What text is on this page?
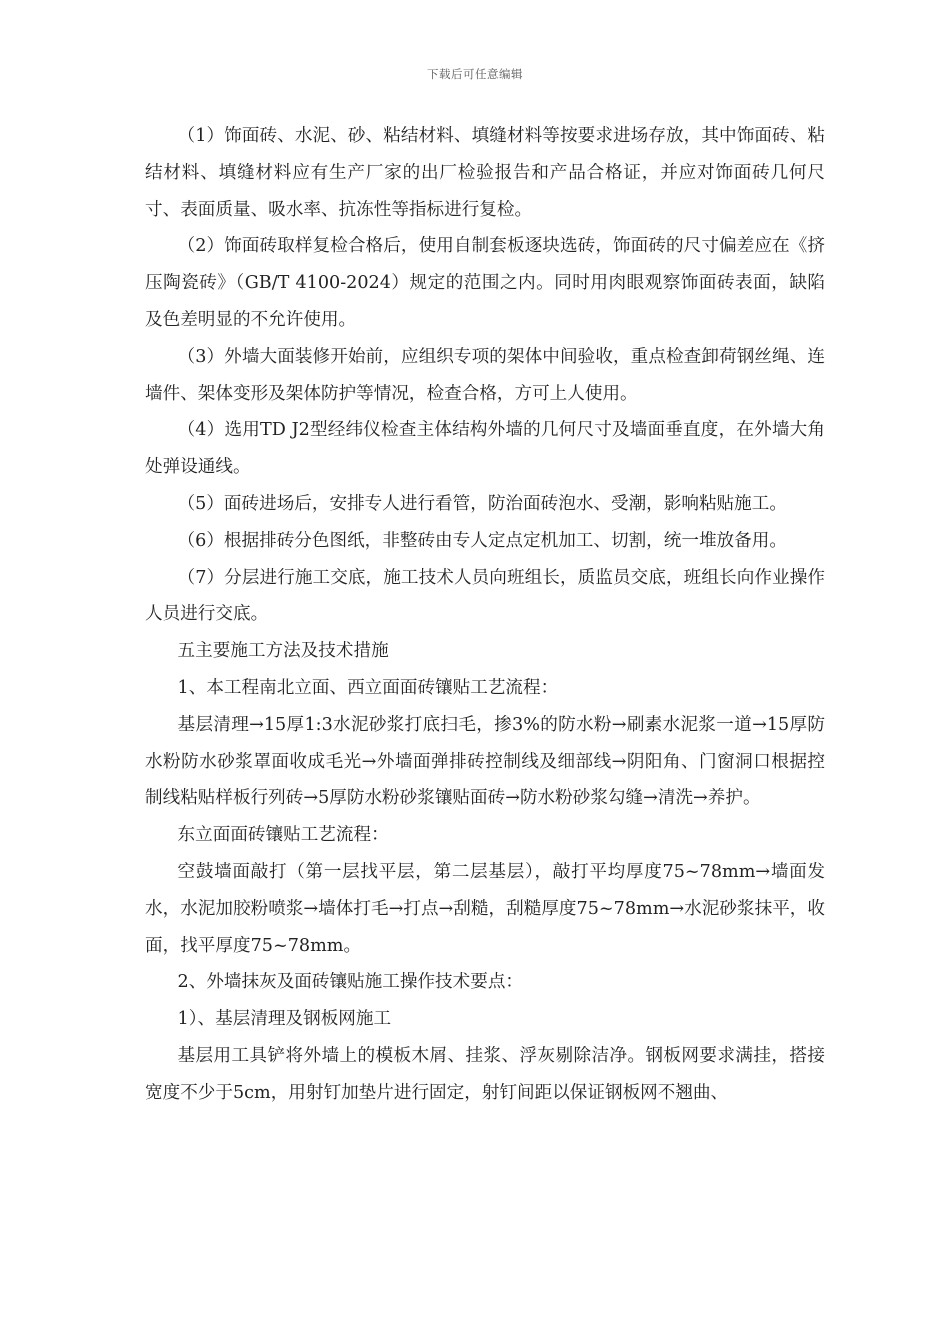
下载后可任意编辑

（1）饰面砖、水泥、砂、粘结材料、填缝材料等按要求进场存放，其中饰面砖、粘结材料、填缝材料应有生产厂家的出厂检验报告和产品合格证，并应对饰面砖几何尺寸、表面质量、吸水率、抗冻性等指标进行复检。

（2）饰面砖取样复检合格后，使用自制套板逐块选砖，饰面砖的尺寸偏差应在《挤压陶瓷砖》（GB/T 4100-2024）规定的范围之内。同时用肉眼观察饰面砖表面，缺陷及色差明显的不允许使用。

（3）外墙大面装修开始前，应组织专项的架体中间验收，重点检查卸荷钢丝绳、连墙件、架体变形及架体防护等情况，检查合格，方可上人使用。

（4）选用TD J2型经纬仪检查主体结构外墙的几何尺寸及墙面垂直度，在外墙大角处弹设通线。

（5）面砖进场后，安排专人进行看管，防治面砖泡水、受潮，影响粘贴施工。

（6）根据排砖分色图纸，非整砖由专人定点定机加工、切割，统一堆放备用。

（7）分层进行施工交底，施工技术人员向班组长，质监员交底，班组长向作业操作人员进行交底。

五主要施工方法及技术措施

1、本工程南北立面、西立面面砖镶贴工艺流程：

基层清理→15厚1:3水泥砂浆打底扫毛，掺3%的防水粉→刷素水泥浆一道→15厚防水粉防水砂浆罩面收成毛光→外墙面弹排砖控制线及细部线→阴阳角、门窗洞口根据控制线粘贴样板行列砖→5厚防水粉砂浆镶贴面砖→防水粉砂浆勾缝→清洗→养护。

东立面面砖镶贴工艺流程：

空鼓墙面敲打（第一层找平层，第二层基层），敲打平均厚度75~78mm→墙面发水，水泥加胶粉喷浆→墙体打毛→打点→刮糙，刮糙厚度75~78mm→水泥砂浆抹平，收面，找平厚度75~78mm。

2、外墙抹灰及面砖镶贴施工操作技术要点：

1）、基层清理及钢板网施工

基层用工具铲将外墙上的模板木屑、挂浆、浮灰剔除洁净。钢板网要求满挂，搭接宽度不少于5cm，用射钉加垫片进行固定，射钉间距以保证钢板网不翘曲、
